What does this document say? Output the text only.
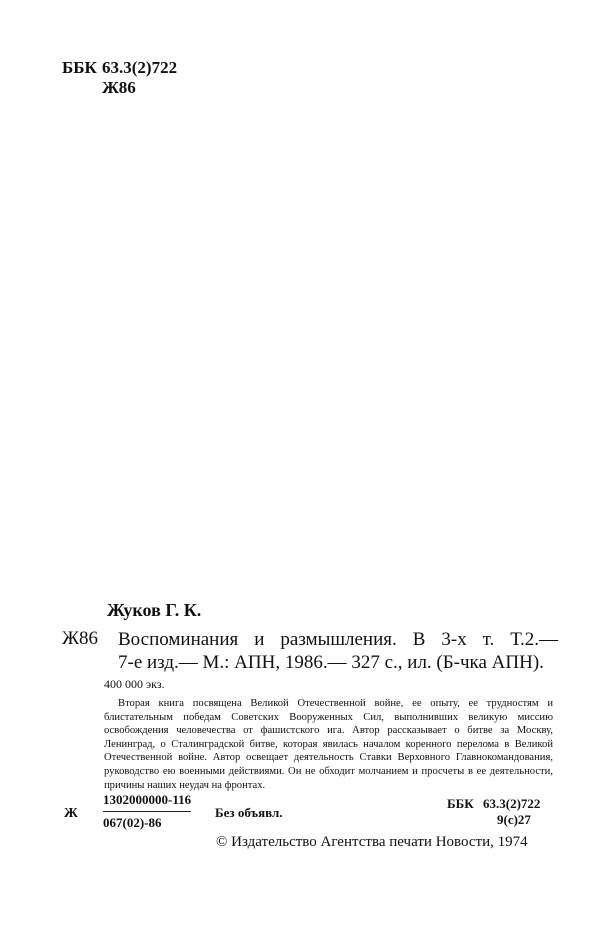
ББК 63.3(2)722
Ж86
Жуков Г. К.
Ж86 Воспоминания и размышления. В 3-х т. Т.2.—
7-е изд.— М.: АПН, 1986.— 327 с., ил. (Б-чка АПН).
400 000 экз.

Вторая книга посвящена Великой Отечественной войне, ее опыту, ее трудностям и блистательным победам Советских Вооруженных Сил, выполнивших великую миссию освобождения человечества от фашистского ига. Автор рассказывает о битве за Москву, Ленинград, о Сталинградской битве, которая явилась началом коренного перелома в Великой Отечественной войне. Автор освещает деятельность Ставки Верховного Главнокомандования, руководство ею военными действиями. Он не обходит молчанием и просчеты в ее деятельности, причины наших неудач на фронтах.

Ж
1302000000-116
067(02)-86
Без объявл.
ББК 63.3(2)722
9(с)27
© Издательство Агентства печати Новости, 1974
